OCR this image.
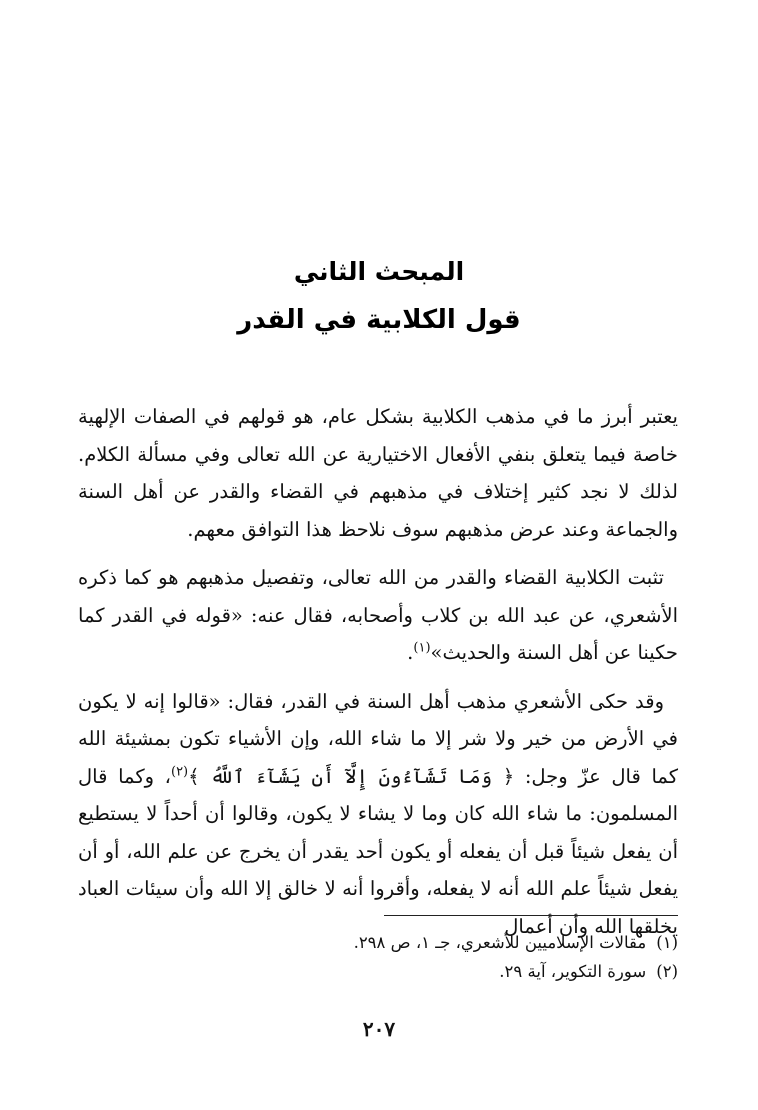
المبحث الثاني
قول الكلابية في القدر

يعتبر أبرز ما في مذهب الكلابية بشكل عام، هو قولهم في الصفات الإلهية خاصة فيما يتعلق بنفي الأفعال الاختيارية عن الله تعالى وفي مسألة الكلام. لذلك لا نجد كثير إختلاف في مذهبهم في القضاء والقدر عن أهل السنة والجماعة وعند عرض مذهبهم سوف نلاحظ هذا التوافق معهم.

تثبت الكلابية القضاء والقدر من الله تعالى، وتفصيل مذهبهم هو كما ذكره الأشعري، عن عبد الله بن كلاب وأصحابه، فقال عنه: «قوله في القدر كما حكينا عن أهل السنة والحديث»$^{(١)}$.

وقد حكى الأشعري مذهب أهل السنة في القدر، فقال: «قالوا إنه لا يكون في الأرض من خير ولا شر إلا ما شاء الله، وإن الأشياء تكون بمشيئة الله كما قال عزّ وجل: ﴿ وَمَا تَشَآءُونَ إِلَّآ أَن يَشَآءَ ٱللَّهُ ﴾$^{(٢)}$، وكما قال المسلمون: ما شاء الله كان وما لا يشاء لا يكون، وقالوا أن أحداً لا يستطيع أن يفعل شيئاً قبل أن يفعله أو يكون أحد يقدر أن يخرج عن علم الله، أو أن يفعل شيئاً علم الله أنه لا يفعله، وأقروا أنه لا خالق إلا الله وأن سيئات العباد يخلقها الله وأن أعمال

(١)مقالات الإسلاميين للأشعري، جـ ١، ص ٢٩٨.

(٢)سورة التكوير، آية ٢٩.

٢٠٧
